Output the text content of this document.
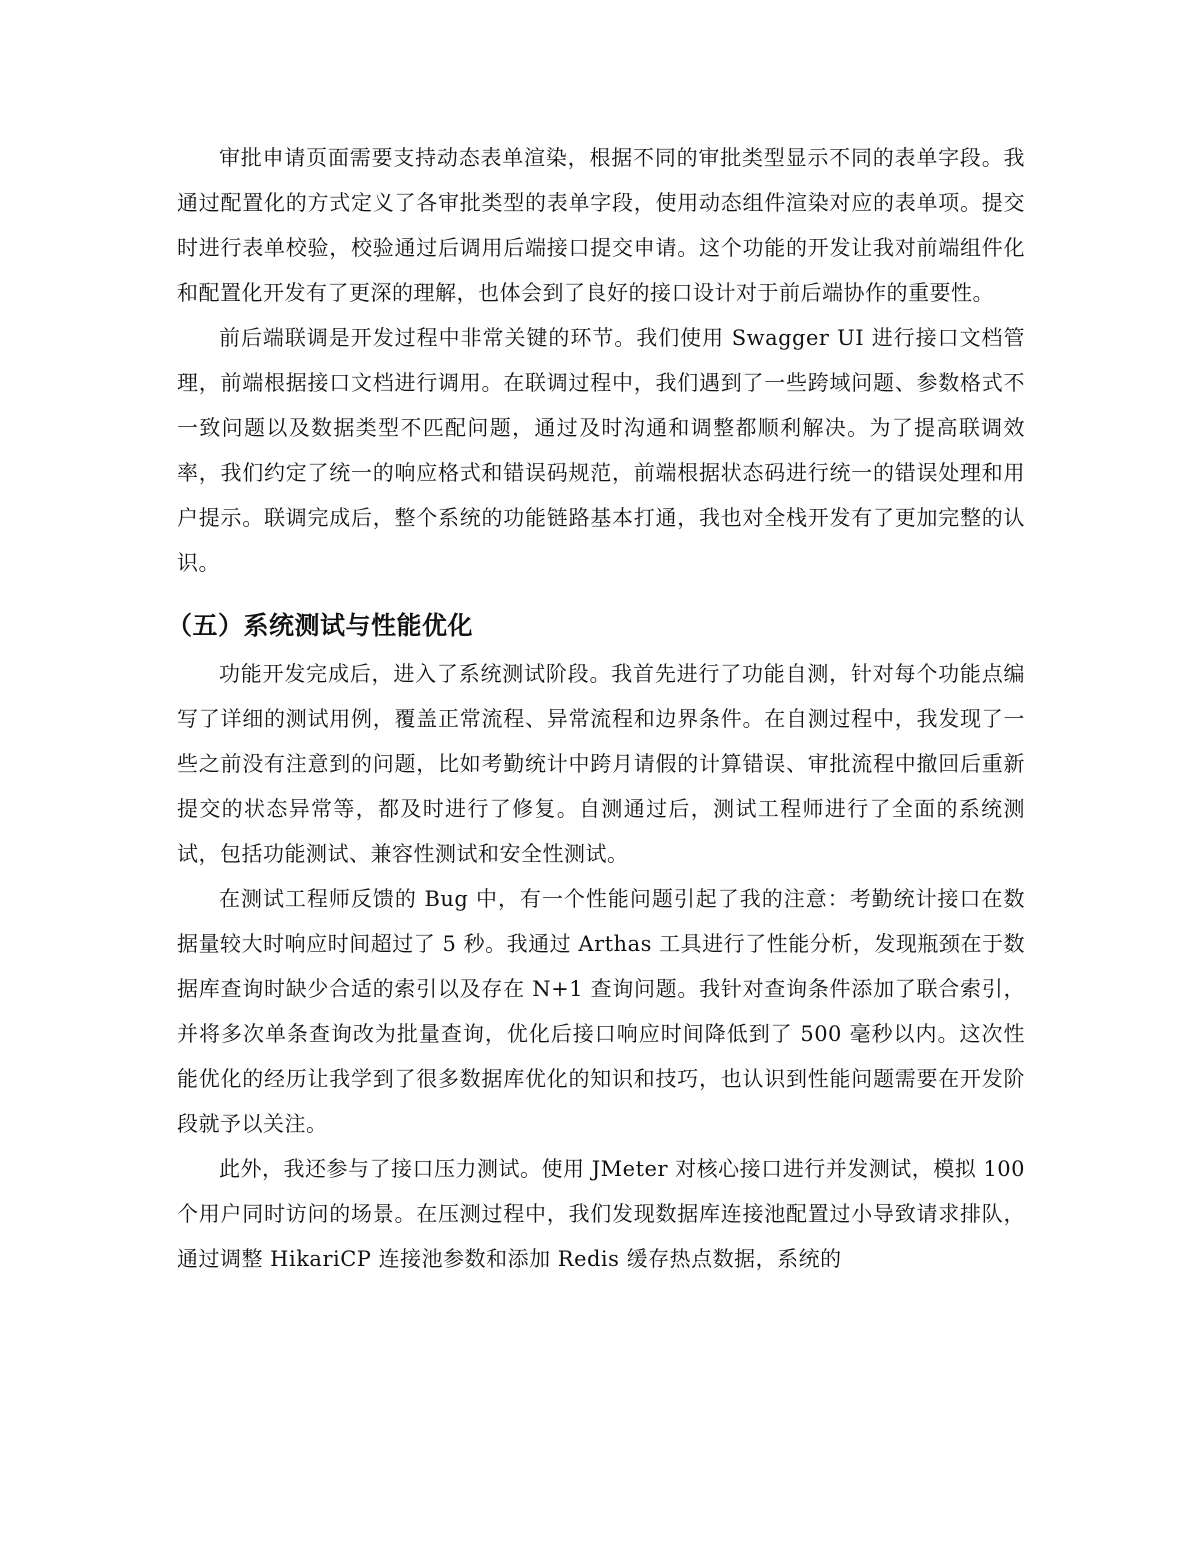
审批申请页面需要支持动态表单渲染，根据不同的审批类型显示不同的表单字段。我通过配置化的方式定义了各审批类型的表单字段，使用动态组件渲染对应的表单项。提交时进行表单校验，校验通过后调用后端接口提交申请。这个功能的开发让我对前端组件化和配置化开发有了更深的理解，也体会到了良好的接口设计对于前后端协作的重要性。

前后端联调是开发过程中非常关键的环节。我们使用 Swagger UI 进行接口文档管理，前端根据接口文档进行调用。在联调过程中，我们遇到了一些跨域问题、参数格式不一致问题以及数据类型不匹配问题，通过及时沟通和调整都顺利解决。为了提高联调效率，我们约定了统一的响应格式和错误码规范，前端根据状态码进行统一的错误处理和用户提示。联调完成后，整个系统的功能链路基本打通，我也对全栈开发有了更加完整的认识。

（五）系统测试与性能优化

功能开发完成后，进入了系统测试阶段。我首先进行了功能自测，针对每个功能点编写了详细的测试用例，覆盖正常流程、异常流程和边界条件。在自测过程中，我发现了一些之前没有注意到的问题，比如考勤统计中跨月请假的计算错误、审批流程中撤回后重新提交的状态异常等，都及时进行了修复。自测通过后，测试工程师进行了全面的系统测试，包括功能测试、兼容性测试和安全性测试。

在测试工程师反馈的 Bug 中，有一个性能问题引起了我的注意：考勤统计接口在数据量较大时响应时间超过了 5 秒。我通过 Arthas 工具进行了性能分析，发现瓶颈在于数据库查询时缺少合适的索引以及存在 N+1 查询问题。我针对查询条件添加了联合索引，并将多次单条查询改为批量查询，优化后接口响应时间降低到了 500 毫秒以内。这次性能优化的经历让我学到了很多数据库优化的知识和技巧，也认识到性能问题需要在开发阶段就予以关注。

此外，我还参与了接口压力测试。使用 JMeter 对核心接口进行并发测试，模拟 100 个用户同时访问的场景。在压测过程中，我们发现数据库连接池配置过小导致请求排队，通过调整 HikariCP 连接池参数和添加 Redis 缓存热点数据，系统的
